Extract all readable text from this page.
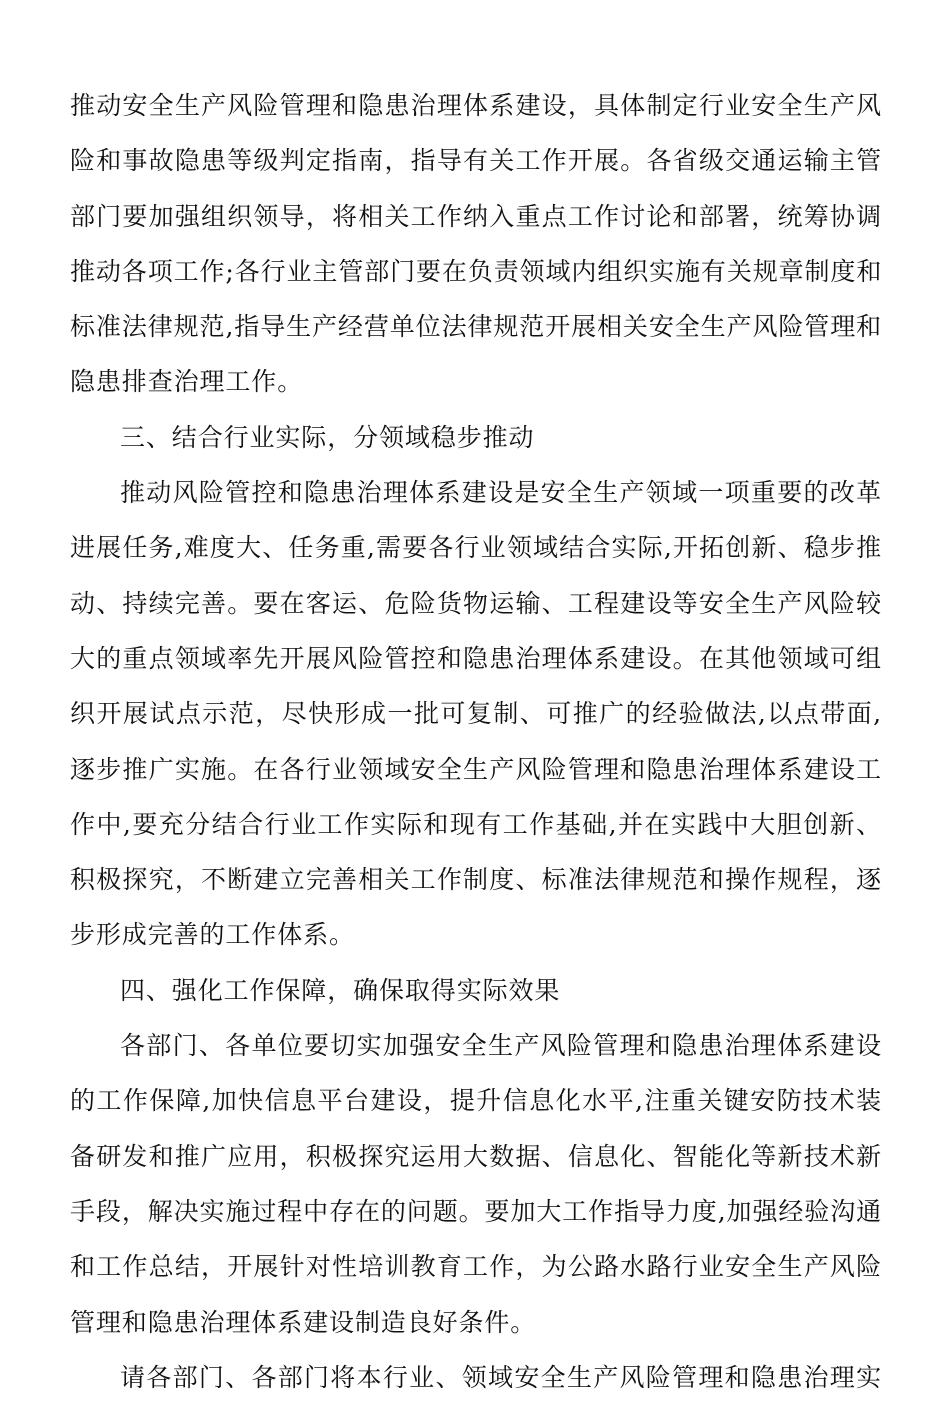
推动安全生产风险管理和隐患治理体系建设，具体制定行业安全生产风
险和事故隐患等级判定指南，指导有关工作开展。各省级交通运输主管
部门要加强组织领导，将相关工作纳入重点工作讨论和部署，统筹协调
推动各项工作;各行业主管部门要在负责领域内组织实施有关规章制度和
标准法律规范,指导生产经营单位法律规范开展相关安全生产风险管理和
隐患排查治理工作。
三、结合行业实际，分领域稳步推动
推动风险管控和隐患治理体系建设是安全生产领域一项重要的改革
进展任务,难度大、任务重,需要各行业领域结合实际,开拓创新、稳步推
动、持续完善。要在客运、危险货物运输、工程建设等安全生产风险较
大的重点领域率先开展风险管控和隐患治理体系建设。在其他领域可组
织开展试点示范，尽快形成一批可复制、可推广的经验做法,以点带面,
逐步推广实施。在各行业领域安全生产风险管理和隐患治理体系建设工
作中,要充分结合行业工作实际和现有工作基础,并在实践中大胆创新、
积极探究，不断建立完善相关工作制度、标准法律规范和操作规程，逐
步形成完善的工作体系。
四、强化工作保障，确保取得实际效果
各部门、各单位要切实加强安全生产风险管理和隐患治理体系建设
的工作保障,加快信息平台建设，提升信息化水平,注重关键安防技术装
备研发和推广应用，积极探究运用大数据、信息化、智能化等新技术新
手段，解决实施过程中存在的问题。要加大工作指导力度,加强经验沟通
和工作总结，开展针对性培训教育工作，为公路水路行业安全生产风险
管理和隐患治理体系建设制造良好条件。
请各部门、各部门将本行业、领域安全生产风险管理和隐患治理实
